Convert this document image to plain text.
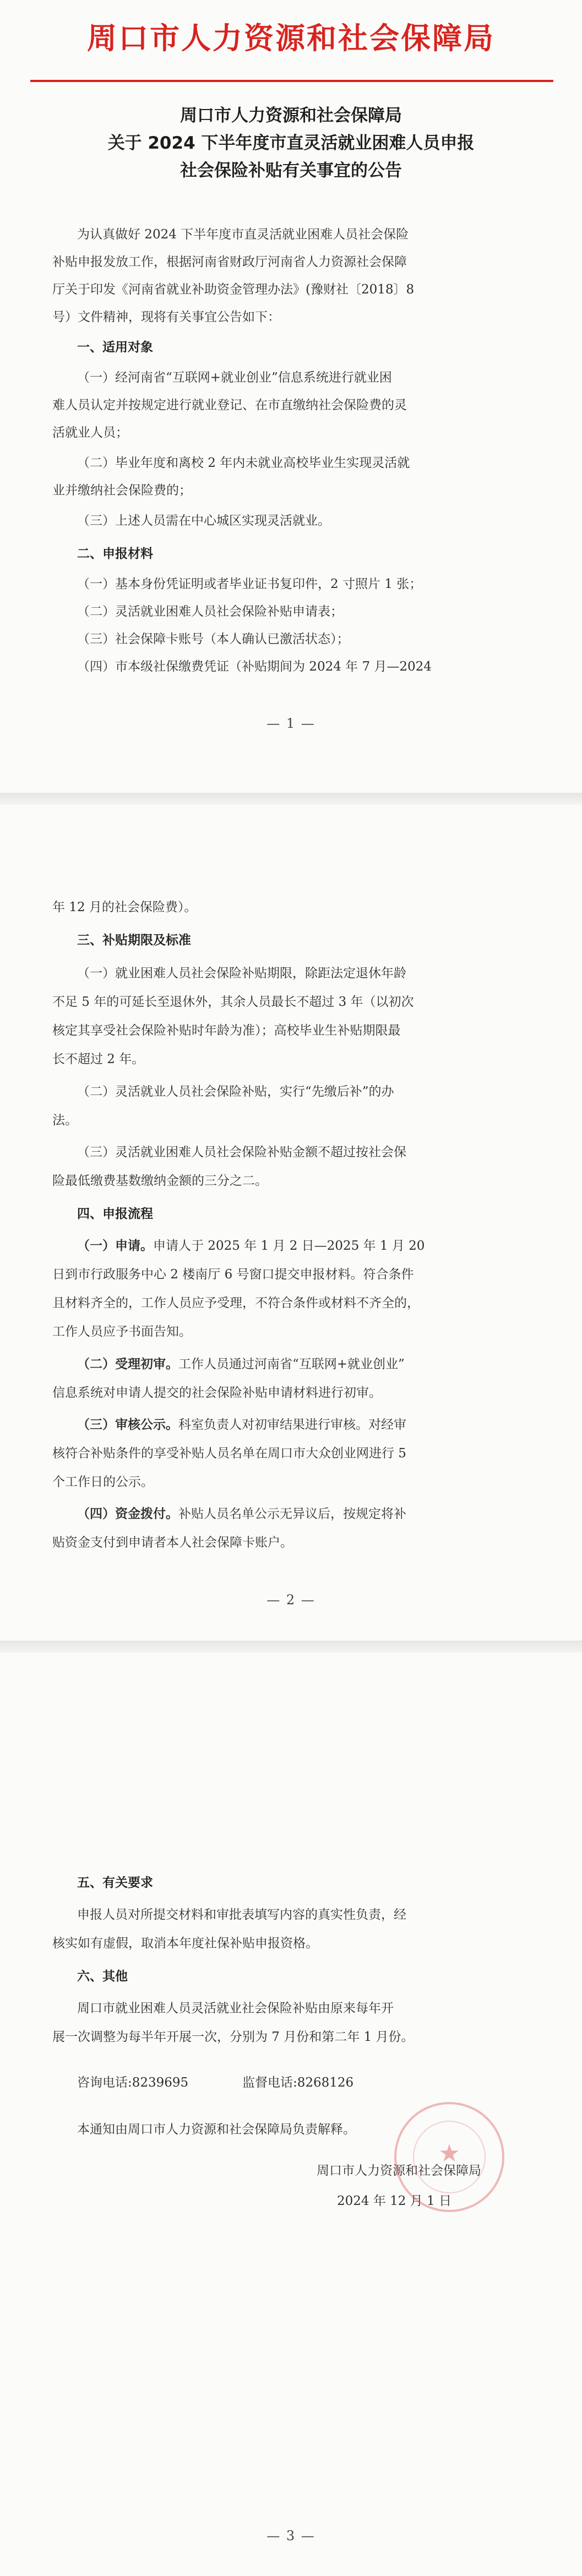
周口市人力资源和社会保障局
周口市人力资源和社会保障局
关于 2024 下半年度市直灵活就业困难人员申报
社会保险补贴有关事宜的公告
为认真做好 2024 下半年度市直灵活就业困难人员社会保险
补贴申报发放工作，根据河南省财政厅河南省人力资源社会保障
厅关于印发《河南省就业补助资金管理办法》(豫财社〔2018〕8
号）文件精神，现将有关事宜公告如下：
一、适用对象
（一）经河南省“互联网+就业创业”信息系统进行就业困
难人员认定并按规定进行就业登记、在市直缴纳社会保险费的灵
活就业人员；
（二）毕业年度和离校 2 年内未就业高校毕业生实现灵活就
业并缴纳社会保险费的；
（三）上述人员需在中心城区实现灵活就业。
二、申报材料
（一）基本身份凭证明或者毕业证书复印件，2 寸照片 1 张；
（二）灵活就业困难人员社会保险补贴申请表；
（三）社会保障卡账号（本人确认已激活状态）；
（四）市本级社保缴费凭证（补贴期间为 2024 年 7 月—2024
— 1 —
年 12 月的社会保险费）。
三、补贴期限及标准
（一）就业困难人员社会保险补贴期限，除距法定退休年龄
不足 5 年的可延长至退休外，其余人员最长不超过 3 年（以初次
核定其享受社会保险补贴时年龄为准）；高校毕业生补贴期限最
长不超过 2 年。
（二）灵活就业人员社会保险补贴，实行“先缴后补”的办
法。
（三）灵活就业困难人员社会保险补贴金额不超过按社会保
险最低缴费基数缴纳金额的三分之二。
四、申报流程
（一）申请。申请人于 2025 年 1 月 2 日—2025 年 1 月 20
日到市行政服务中心 2 楼南厅 6 号窗口提交申报材料。符合条件
且材料齐全的，工作人员应予受理，不符合条件或材料不齐全的，
工作人员应予书面告知。
（二）受理初审。工作人员通过河南省“互联网+就业创业”
信息系统对申请人提交的社会保险补贴申请材料进行初审。
（三）审核公示。科室负责人对初审结果进行审核。对经审
核符合补贴条件的享受补贴人员名单在周口市大众创业网进行 5
个工作日的公示。
（四）资金拨付。补贴人员名单公示无异议后，按规定将补
贴资金支付到申请者本人社会保障卡账户。
— 2 —
五、有关要求
申报人员对所提交材料和审批表填写内容的真实性负责，经
核实如有虚假，取消本年度社保补贴申报资格。
六、其他
周口市就业困难人员灵活就业社会保险补贴由原来每年开
展一次调整为每半年开展一次，分别为 7 月份和第二年 1 月份。
咨询电话:8239695	监督电话:8268126
本通知由周口市人力资源和社会保障局负责解释。
周口市人力资源和社会保障局
2024 年 12 月 1 日
— 3 —
★
